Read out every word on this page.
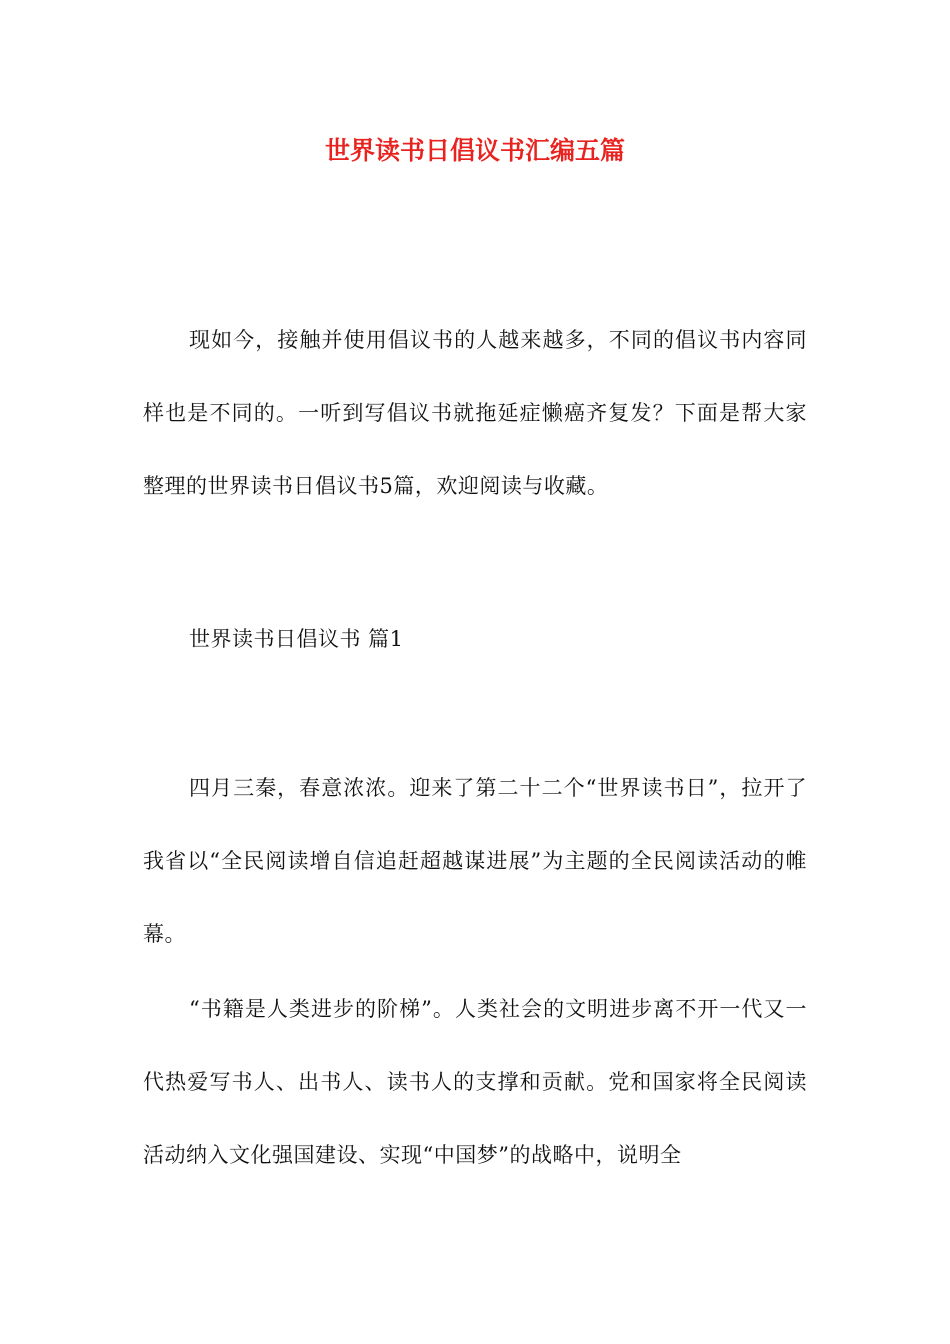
世界读书日倡议书汇编五篇

现如今，接触并使用倡议书的人越来越多，不同的倡议书内容同样也是不同的。一听到写倡议书就拖延症懒癌齐复发？下面是帮大家整理的世界读书日倡议书5篇，欢迎阅读与收藏。

世界读书日倡议书 篇1

四月三秦，春意浓浓。迎来了第二十二个“世界读书日”，拉开了我省以“全民阅读增自信追赶超越谋进展”为主题的全民阅读活动的帷幕。

“书籍是人类进步的阶梯”。人类社会的文明进步离不开一代又一代热爱写书人、出书人、读书人的支撑和贡献。党和国家将全民阅读活动纳入文化强国建设、实现“中国梦”的战略中，说明全
